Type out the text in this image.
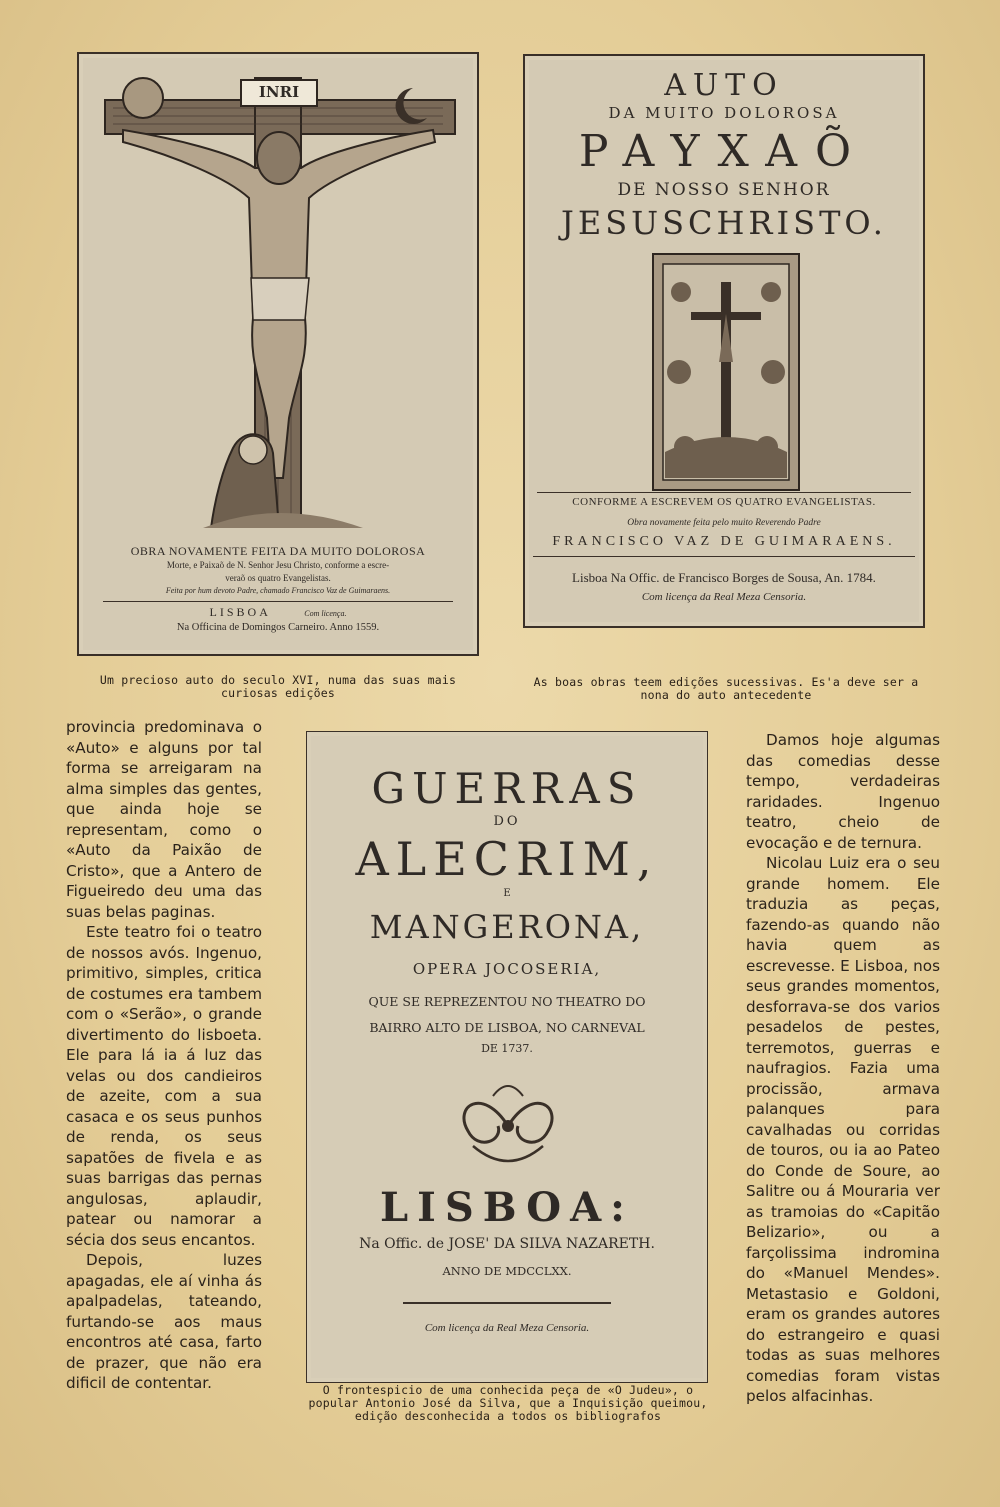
INRI
OBRA NOVAMENTE FEITA DA MUITO DOLOROSA
Morte, e Paixaõ de N. Senhor Jesu Christo, conforme a escre-
veraõ os quatro Evangelistas.
Feita por hum devoto Padre, chamado Francisco Vaz de Guimaraens.
LISBOA	Com licença.
Na Officina de Domingos Carneiro. Anno 1559.
AUTO
DA MUITO DOLOROSA
PAYXAÕ
DE NOSSO SENHOR
JESUSCHRISTO.
CONFORME A ESCREVEM OS QUATRO EVANGELISTAS.
Obra novamente feita pelo muito Reverendo Padre
FRANCISCO VAZ DE GUIMARAENS.
Lisboa Na Offic. de Francisco Borges de Sousa, An. 1784.
Com licença da Real Meza Censoria.
Um precioso auto do seculo XVI, numa das suas mais curiosas edições
As boas obras teem edições sucessivas. Es'a deve ser a nona do auto antecedente
GUERRAS
DO
ALECRIM,
E
MANGERONA,
OPERA JOCOSERIA,
QUE SE REPREZENTOU NO THEATRO DO
BAIRRO ALTO DE LISBOA, NO CARNEVAL
DE 1737.
LISBOA:
Na Offic. de JOSE' DA SILVA NAZARETH.
ANNO DE MDCCLXX.
Com licença da Real Meza Censoria.
O frontespicio de uma conhecida peça de «O Judeu», o popular Antonio José da Silva, que a Inquisição queimou, edição desconhecida a todos os bibliografos

provincia predominava o «Auto» e alguns por tal forma se arreigaram na alma simples das gentes, que ainda hoje se representam, como o «Auto da Paixão de Cristo», que a Antero de Figueiredo deu uma das suas belas paginas.

Este teatro foi o teatro de nossos avós. Ingenuo, primitivo, simples, critica de costumes era tambem com o «Serão», o grande divertimento do lisboeta. Ele para lá ia á luz das velas ou dos candieiros de azeite, com a sua casaca e os seus punhos de renda, os seus sapatões de fivela e as suas barrigas das pernas angulosas, aplaudir, patear ou namorar a sécia dos seus encantos.

Depois, luzes apagadas, ele aí vinha ás apalpadelas, tateando, furtando-se aos maus encontros até casa, farto de prazer, que não era dificil de contentar.

Damos hoje algumas das comedias desse tempo, verdadeiras raridades. Ingenuo teatro, cheio de evocação e de ternura.

Nicolau Luiz era o seu grande homem. Ele traduzia as peças, fazendo-as quando não havia quem as escrevesse. E Lisboa, nos seus grandes momentos, desforrava-se dos varios pesadelos de pestes, terremotos, guerras e naufragios. Fazia uma procissão, armava palanques para cavalhadas ou corridas de touros, ou ia ao Pateo do Conde de Soure, ao Salitre ou á Mouraria ver as tramoias do «Capitão Belizario», ou a farçolissima indromina do «Manuel Mendes». Metastasio e Goldoni, eram os grandes autores do estrangeiro e quasi todas as suas melhores comedias foram vistas pelos alfacinhas.
